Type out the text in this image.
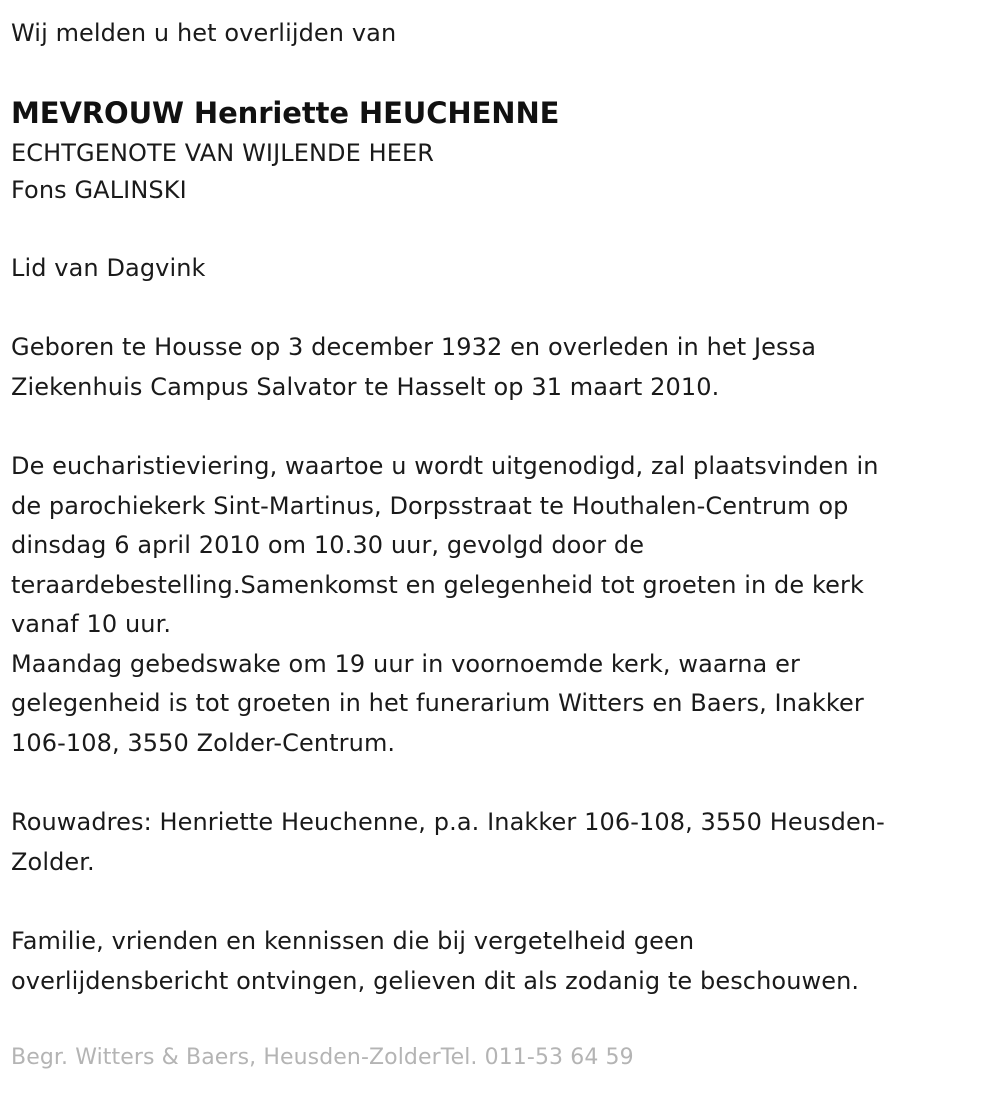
Wij melden u het overlijden van

MEVROUW Henriette HEUCHENNE
ECHTGENOTE VAN WIJLENDE HEER
Fons GALINSKI

Lid van Dagvink

Geboren te Housse op 3 december 1932 en overleden in het Jessa
Ziekenhuis Campus Salvator te Hasselt op 31 maart 2010.
De eucharistieviering, waartoe u wordt uitgenodigd, zal plaatsvinden in
de parochiekerk Sint-Martinus, Dorpsstraat te Houthalen-Centrum op
dinsdag 6 april 2010 om 10.30 uur, gevolgd door de
teraardebestelling.Samenkomst en gelegenheid tot groeten in de kerk
vanaf 10 uur.
Maandag gebedswake om 19 uur in voornoemde kerk, waarna er
gelegenheid is tot groeten in het funerarium Witters en Baers, Inakker
106-108, 3550 Zolder-Centrum.
Rouwadres: Henriette Heuchenne, p.a. Inakker 106-108, 3550 Heusden-
Zolder.
Familie, vrienden en kennissen die bij vergetelheid geen
overlijdensbericht ontvingen, gelieven dit als zodanig te beschouwen.

Begr. Witters & Baers, Heusden-ZolderTel. 011-53 64 59
